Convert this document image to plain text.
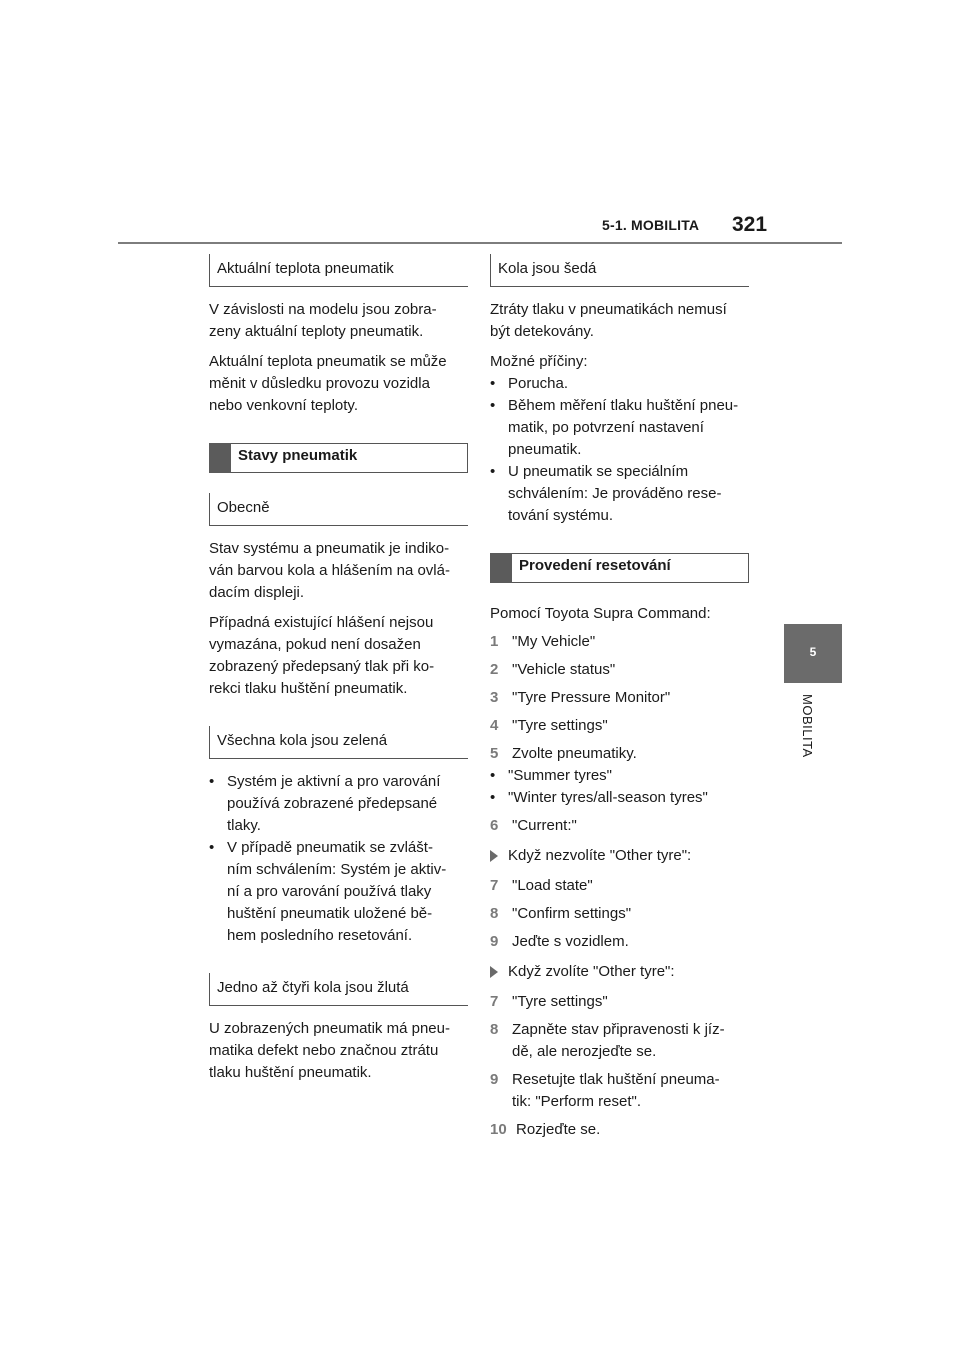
5-1. MOBILITA 321
5
MOBILITA
Aktuální teplota pneumatik

V závislosti na modelu jsou zobra-
zeny aktuální teploty pneumatik.

Aktuální teplota pneumatik se může
měnit v důsledku provozu vozidla
nebo venkovní teploty.

Stavy pneumatik
Obecně

Stav systému a pneumatik je indiko-
ván barvou kola a hlášením na ovlá-
dacím displeji.

Případná existující hlášení nejsou
vymazána, pokud není dosažen
zobrazený předepsaný tlak při ko-
rekci tlaku huštění pneumatik.

Všechna kola jsou zelená
• Systém je aktivní a pro varování
používá zobrazené předepsané
tlaky.
• V případě pneumatik se zvlášt-
ním schválením: Systém je aktiv-
ní a pro varování používá tlaky
huštění pneumatik uložené bě-
hem posledního resetování.
Jedno až čtyři kola jsou žlutá

U zobrazených pneumatik má pneu-
matika defekt nebo značnou ztrátu
tlaku huštění pneumatik.

Kola jsou šedá

Ztráty tlaku v pneumatikách nemusí
být detekovány.

Možné příčiny:

• Porucha.
• Během měření tlaku huštění pneu-
matik, po potvrzení nastavení
pneumatik.
• U pneumatik se speciálním
schválením: Je prováděno rese-
tování systému.
Provedení resetování

Pomocí Toyota Supra Command:

1 "My Vehicle"
2 "Vehicle status"
3 "Tyre Pressure Monitor"
4 "Tyre settings"
5 Zvolte pneumatiky.
• "Summer tyres"
• "Winter tyres/all-season tyres"
6 "Current:"
Když nezvolíte "Other tyre":
7 "Load state"
8 "Confirm settings"
9 Jeďte s vozidlem.
Když zvolíte "Other tyre":
7 "Tyre settings"
8 Zapněte stav připravenosti k jíz-
dě, ale nerozjeďte se.
9 Resetujte tlak huštění pneuma-
tik: "Perform reset".
10 Rozjeďte se.
